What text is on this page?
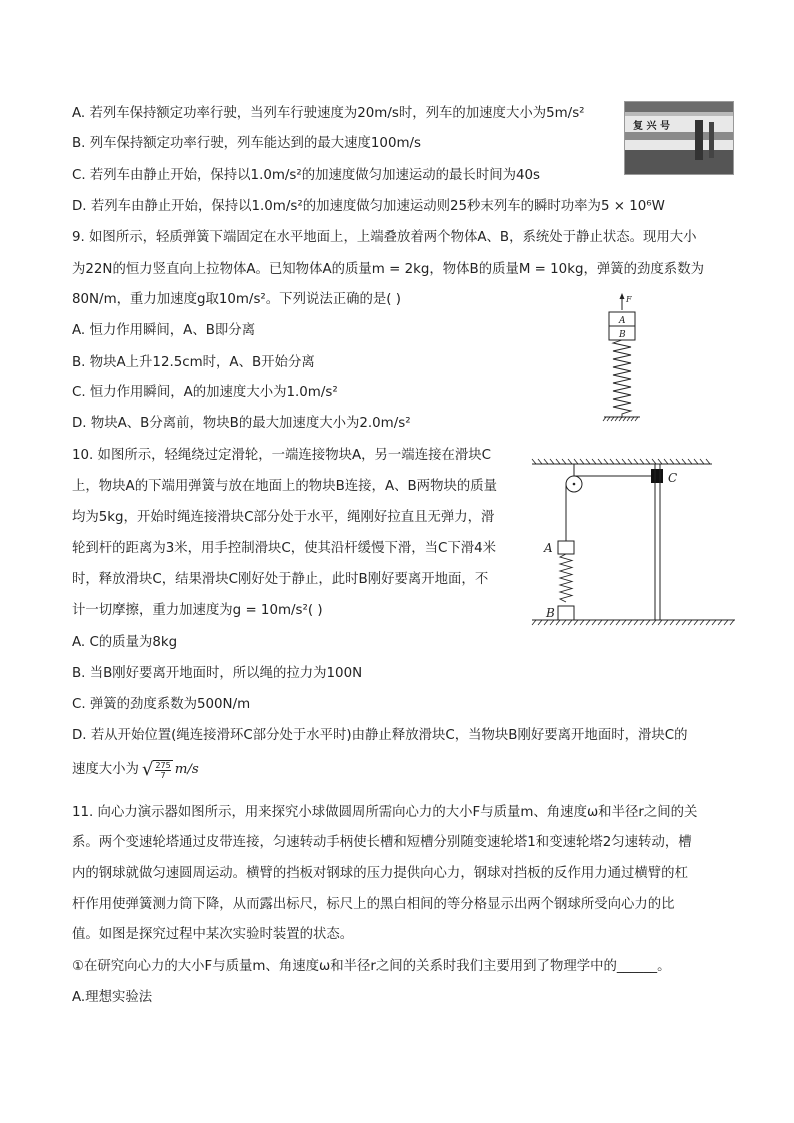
A. 若列车保持额定功率行驶，当列车行驶速度为20m/s时，列车的加速度大小为5m/s²
B. 列车保持额定功率行驶，列车能达到的最大速度100m/s
C. 若列车由静止开始，保持以1.0m/s²的加速度做匀加速运动的最长时间为40s
D. 若列车由静止开始，保持以1.0m/s²的加速度做匀加速运动则25秒末列车的瞬时功率为5 × 10⁶W
复 兴 号
9. 如图所示，轻质弹簧下端固定在水平地面上，上端叠放着两个物体A、B，系统处于静止状态。现用大小
为22N的恒力竖直向上拉物体A。已知物体A的质量m = 2kg，物体B的质量M = 10kg，弹簧的劲度系数为
80N/m，重力加速度g取10m/s²。下列说法正确的是( )
A. 恒力作用瞬间，A、B即分离
B. 物块A上升12.5cm时，A、B开始分离
C. 恒力作用瞬间，A的加速度大小为1.0m/s²
D. 物块A、B分离前，物块B的最大加速度大小为2.0m/s²
F
A
B
10. 如图所示，轻绳绕过定滑轮，一端连接物块A，另一端连接在滑块C
上，物块A的下端用弹簧与放在地面上的物块B连接，A、B两物块的质量
均为5kg，开始时绳连接滑块C部分处于水平，绳刚好拉直且无弹力，滑
轮到杆的距离为3米，用手控制滑块C，使其沿杆缓慢下滑，当C下滑4米
时，释放滑块C，结果滑块C刚好处于静止，此时B刚好要离开地面，不
计一切摩擦，重力加速度为g = 10m/s²( )
A. C的质量为8kg
B. 当B刚好要离开地面时，所以绳的拉力为100N
C. 弹簧的劲度系数为500N/m
D. 若从开始位置(绳连接滑环C部分处于水平时)由静止释放滑块C，当物块B刚好要离开地面时，滑块C的
速度大小为 √ $\frac{275}{7} m/s$
C
A
B
11. 向心力演示器如图所示，用来探究小球做圆周所需向心力的大小F与质量m、角速度ω和半径r之间的关
系。两个变速轮塔通过皮带连接，匀速转动手柄使长槽和短槽分别随变速轮塔1和变速轮塔2匀速转动，槽
内的钢球就做匀速圆周运动。横臂的挡板对钢球的压力提供向心力，钢球对挡板的反作用力通过横臂的杠
杆作用使弹簧测力筒下降，从而露出标尺，标尺上的黑白相间的等分格显示出两个钢球所受向心力的比
值。如图是探究过程中某次实验时装置的状态。
①在研究向心力的大小F与质量m、角速度ω和半径r之间的关系时我们主要用到了物理学中的______。
A.理想实验法
